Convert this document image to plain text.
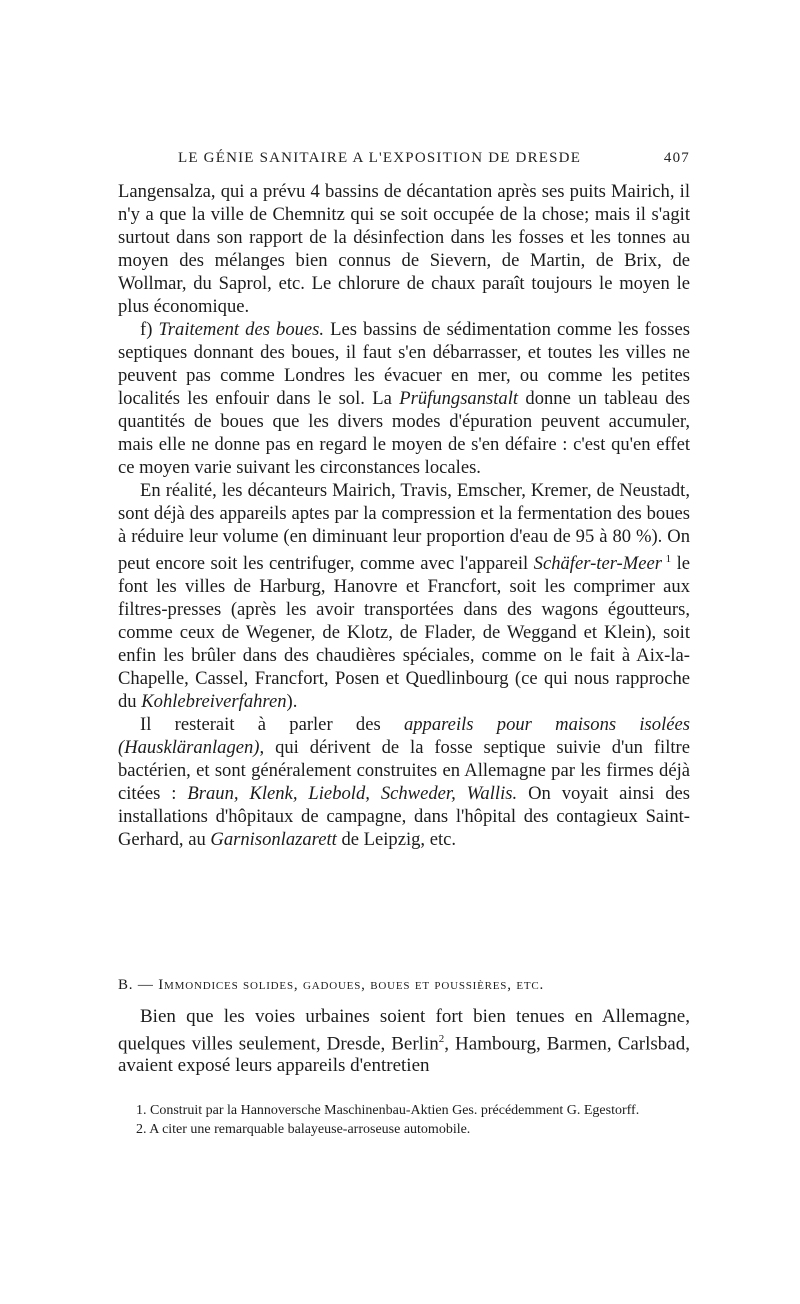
LE GÉNIE SANITAIRE A L'EXPOSITION DE DRESDE	407

Langensalza, qui a prévu 4 bassins de décantation après ses puits Mairich, il n'y a que la ville de Chemnitz qui se soit occupée de la chose; mais il s'agit surtout dans son rapport de la désinfection dans les fosses et les tonnes au moyen des mélanges bien connus de Sievern, de Martin, de Brix, de Wollmar, du Saprol, etc. Le chlorure de chaux paraît toujours le moyen le plus économique.

f) Traitement des boues. Les bassins de sédimentation comme les fosses septiques donnant des boues, il faut s'en débarrasser, et toutes les villes ne peuvent pas comme Londres les évacuer en mer, ou comme les petites localités les enfouir dans le sol. La Prüfungsanstalt donne un tableau des quantités de boues que les divers modes d'épuration peuvent accumuler, mais elle ne donne pas en regard le moyen de s'en défaire : c'est qu'en effet ce moyen varie suivant les circonstances locales.

En réalité, les décanteurs Mairich, Travis, Emscher, Kremer, de Neustadt, sont déjà des appareils aptes par la compression et la fermentation des boues à réduire leur volume (en diminuant leur proportion d'eau de 95 à 80 %). On peut encore soit les centrifuger, comme avec l'appareil Schäfer-ter-Meer $^1$ le font les villes de Harburg, Hanovre et Francfort, soit les comprimer aux filtres-presses (après les avoir transportées dans des wagons égoutteurs, comme ceux de Wegener, de Klotz, de Flader, de Weggand et Klein), soit enfin les brûler dans des chaudières spéciales, comme on le fait à Aix-la-Chapelle, Cassel, Francfort, Posen et Quedlinbourg (ce qui nous rapproche du Kohlebreiverfahren).

Il resterait à parler des appareils pour maisons isolées (Hauskläranlagen), qui dérivent de la fosse septique suivie d'un filtre bactérien, et sont généralement construites en Allemagne par les firmes déjà citées : Braun, Klenk, Liebold, Schweder, Wallis. On voyait ainsi des installations d'hôpitaux de campagne, dans l'hôpital des contagieux Saint-Gerhard, au Garnisonlazarett de Leipzig, etc.

B. — Immondices solides, gadoues, boues et poussières, etc.

Bien que les voies urbaines soient fort bien tenues en Allemagne, quelques villes seulement, Dresde, Berlin$^2$, Hambourg, Barmen, Carlsbad, avaient exposé leurs appareils d'entretien

1. Construit par la Hannoversche Maschinenbau-Aktien Ges. précédemment G. Egestorff.

2. A citer une remarquable balayeuse-arroseuse automobile.
